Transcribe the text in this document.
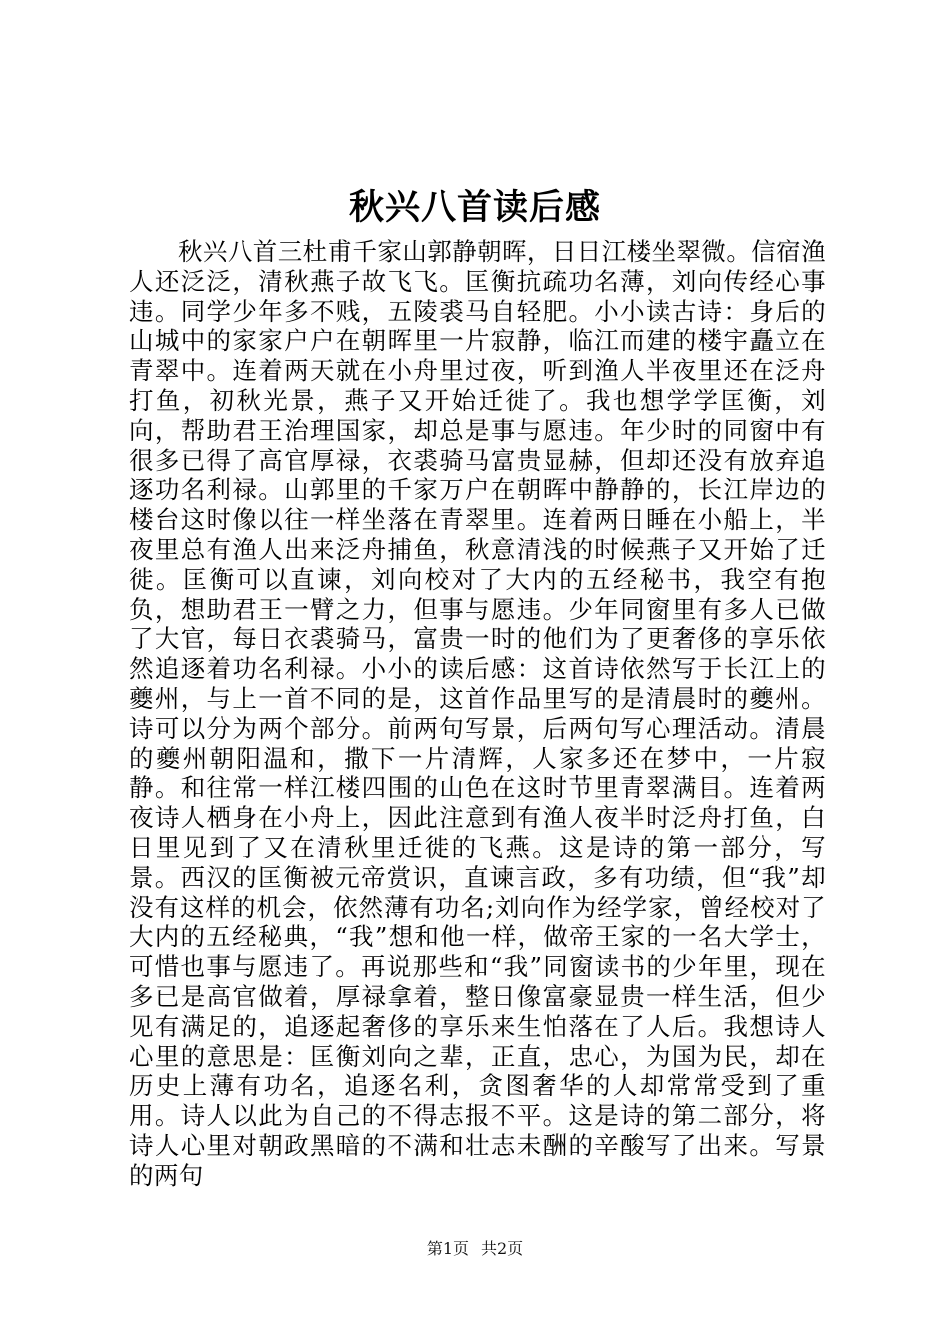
秋兴八首读后感

秋兴八首三杜甫千家山郭静朝晖，日日江楼坐翠微。信宿渔人还泛泛，清秋燕子故飞飞。匡衡抗疏功名薄，刘向传经心事违。同学少年多不贱，五陵裘马自轻肥。小小读古诗：身后的山城中的家家户户在朝晖里一片寂静，临江而建的楼宇矗立在青翠中。连着两天就在小舟里过夜，听到渔人半夜里还在泛舟打鱼，初秋光景，燕子又开始迁徙了。我也想学学匡衡，刘向，帮助君王治理国家，却总是事与愿违。年少时的同窗中有很多已得了高官厚禄，衣裘骑马富贵显赫，但却还没有放弃追逐功名利禄。山郭里的千家万户在朝晖中静静的，长江岸边的楼台这时像以往一样坐落在青翠里。连着两日睡在小船上，半夜里总有渔人出来泛舟捕鱼，秋意清浅的时候燕子又开始了迁徙。匡衡可以直谏，刘向校对了大内的五经秘书，我空有抱负，想助君王一臂之力，但事与愿违。少年同窗里有多人已做了大官，每日衣裘骑马，富贵一时的他们为了更奢侈的享乐依然追逐着功名利禄。小小的读后感：这首诗依然写于长江上的夔州，与上一首不同的是，这首作品里写的是清晨时的夔州。诗可以分为两个部分。前两句写景，后两句写心理活动。清晨的夔州朝阳温和，撒下一片清辉，人家多还在梦中，一片寂静。和往常一样江楼四围的山色在这时节里青翠满目。连着两夜诗人栖身在小舟上，因此注意到有渔人夜半时泛舟打鱼，白日里见到了又在清秋里迁徙的飞燕。这是诗的第一部分，写景。西汉的匡衡被元帝赏识，直谏言政，多有功绩，但“我”却没有这样的机会，依然薄有功名;刘向作为经学家，曾经校对了大内的五经秘典，“我”想和他一样，做帝王家的一名大学士，可惜也事与愿违了。再说那些和“我”同窗读书的少年里，现在多已是高官做着，厚禄拿着，整日像富豪显贵一样生活，但少见有满足的，追逐起奢侈的享乐来生怕落在了人后。我想诗人心里的意思是：匡衡刘向之辈，正直，忠心，为国为民，却在历史上薄有功名，追逐名利，贪图奢华的人却常常受到了重用。诗人以此为自己的不得志报不平。这是诗的第二部分，将诗人心里对朝政黑暗的不满和壮志未酬的辛酸写了出来。写景的两句

第1页 共2页
